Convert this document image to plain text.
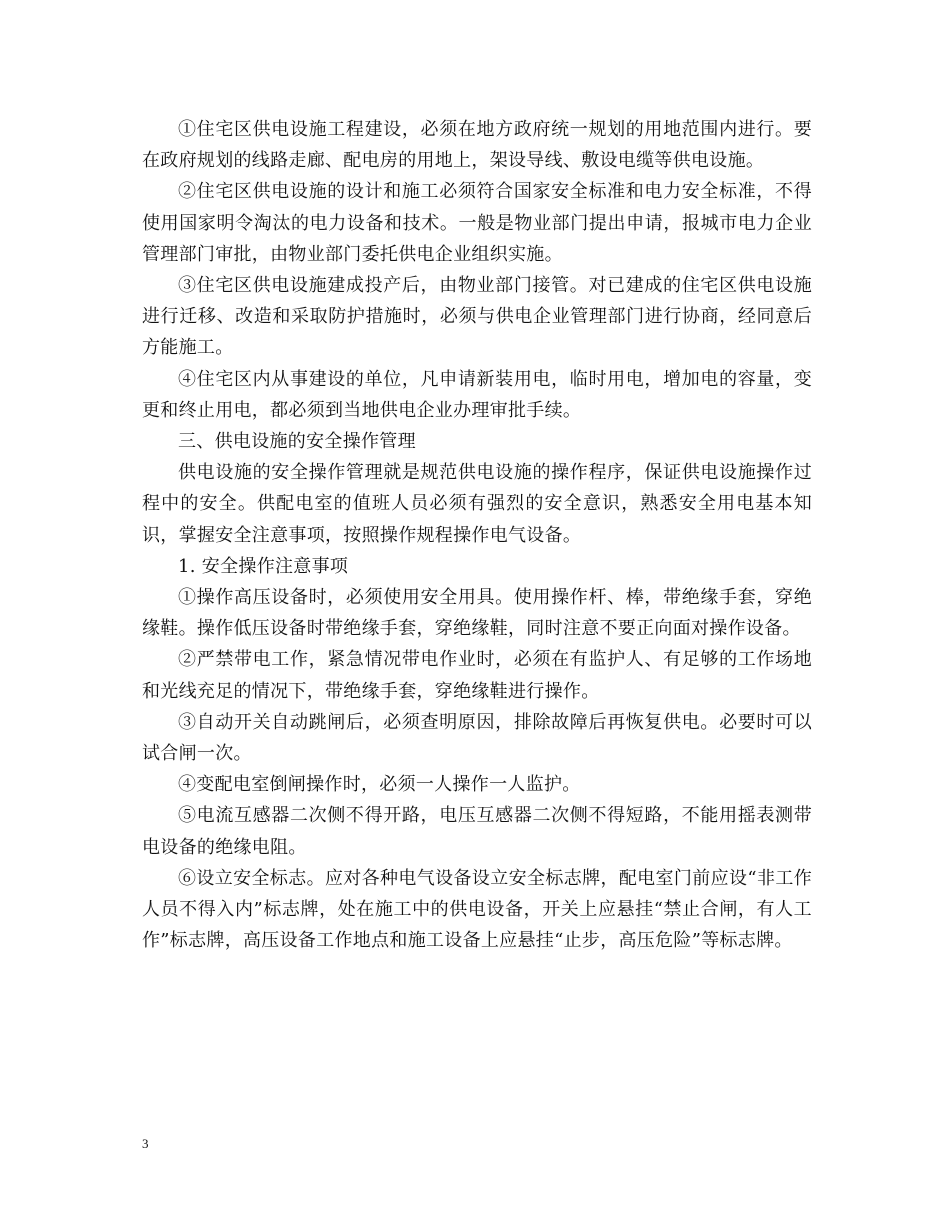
①住宅区供电设施工程建设，必须在地方政府统一规划的用地范围内进行。要在政府规划的线路走廊、配电房的用地上，架设导线、敷设电缆等供电设施。

②住宅区供电设施的设计和施工必须符合国家安全标准和电力安全标准，不得使用国家明令淘汰的电力设备和技术。一般是物业部门提出申请，报城市电力企业管理部门审批，由物业部门委托供电企业组织实施。

③住宅区供电设施建成投产后，由物业部门接管。对已建成的住宅区供电设施进行迁移、改造和采取防护措施时，必须与供电企业管理部门进行协商，经同意后方能施工。

④住宅区内从事建设的单位，凡申请新装用电，临时用电，增加电的容量，变更和终止用电，都必须到当地供电企业办理审批手续。

三、供电设施的安全操作管理

供电设施的安全操作管理就是规范供电设施的操作程序，保证供电设施操作过程中的安全。供配电室的值班人员必须有强烈的安全意识，熟悉安全用电基本知识，掌握安全注意事项，按照操作规程操作电气设备。

1. 安全操作注意事项

①操作高压设备时，必须使用安全用具。使用操作杆、棒，带绝缘手套，穿绝缘鞋。操作低压设备时带绝缘手套，穿绝缘鞋，同时注意不要正向面对操作设备。

②严禁带电工作，紧急情况带电作业时，必须在有监护人、有足够的工作场地和光线充足的情况下，带绝缘手套，穿绝缘鞋进行操作。

③自动开关自动跳闸后，必须查明原因，排除故障后再恢复供电。必要时可以试合闸一次。

④变配电室倒闸操作时，必须一人操作一人监护。

⑤电流互感器二次侧不得开路，电压互感器二次侧不得短路，不能用摇表测带电设备的绝缘电阻。

⑥设立安全标志。应对各种电气设备设立安全标志牌，配电室门前应设“非工作人员不得入内”标志牌，处在施工中的供电设备，开关上应悬挂“禁止合闸，有人工作”标志牌，高压设备工作地点和施工设备上应悬挂“止步，高压危险”等标志牌。

3
